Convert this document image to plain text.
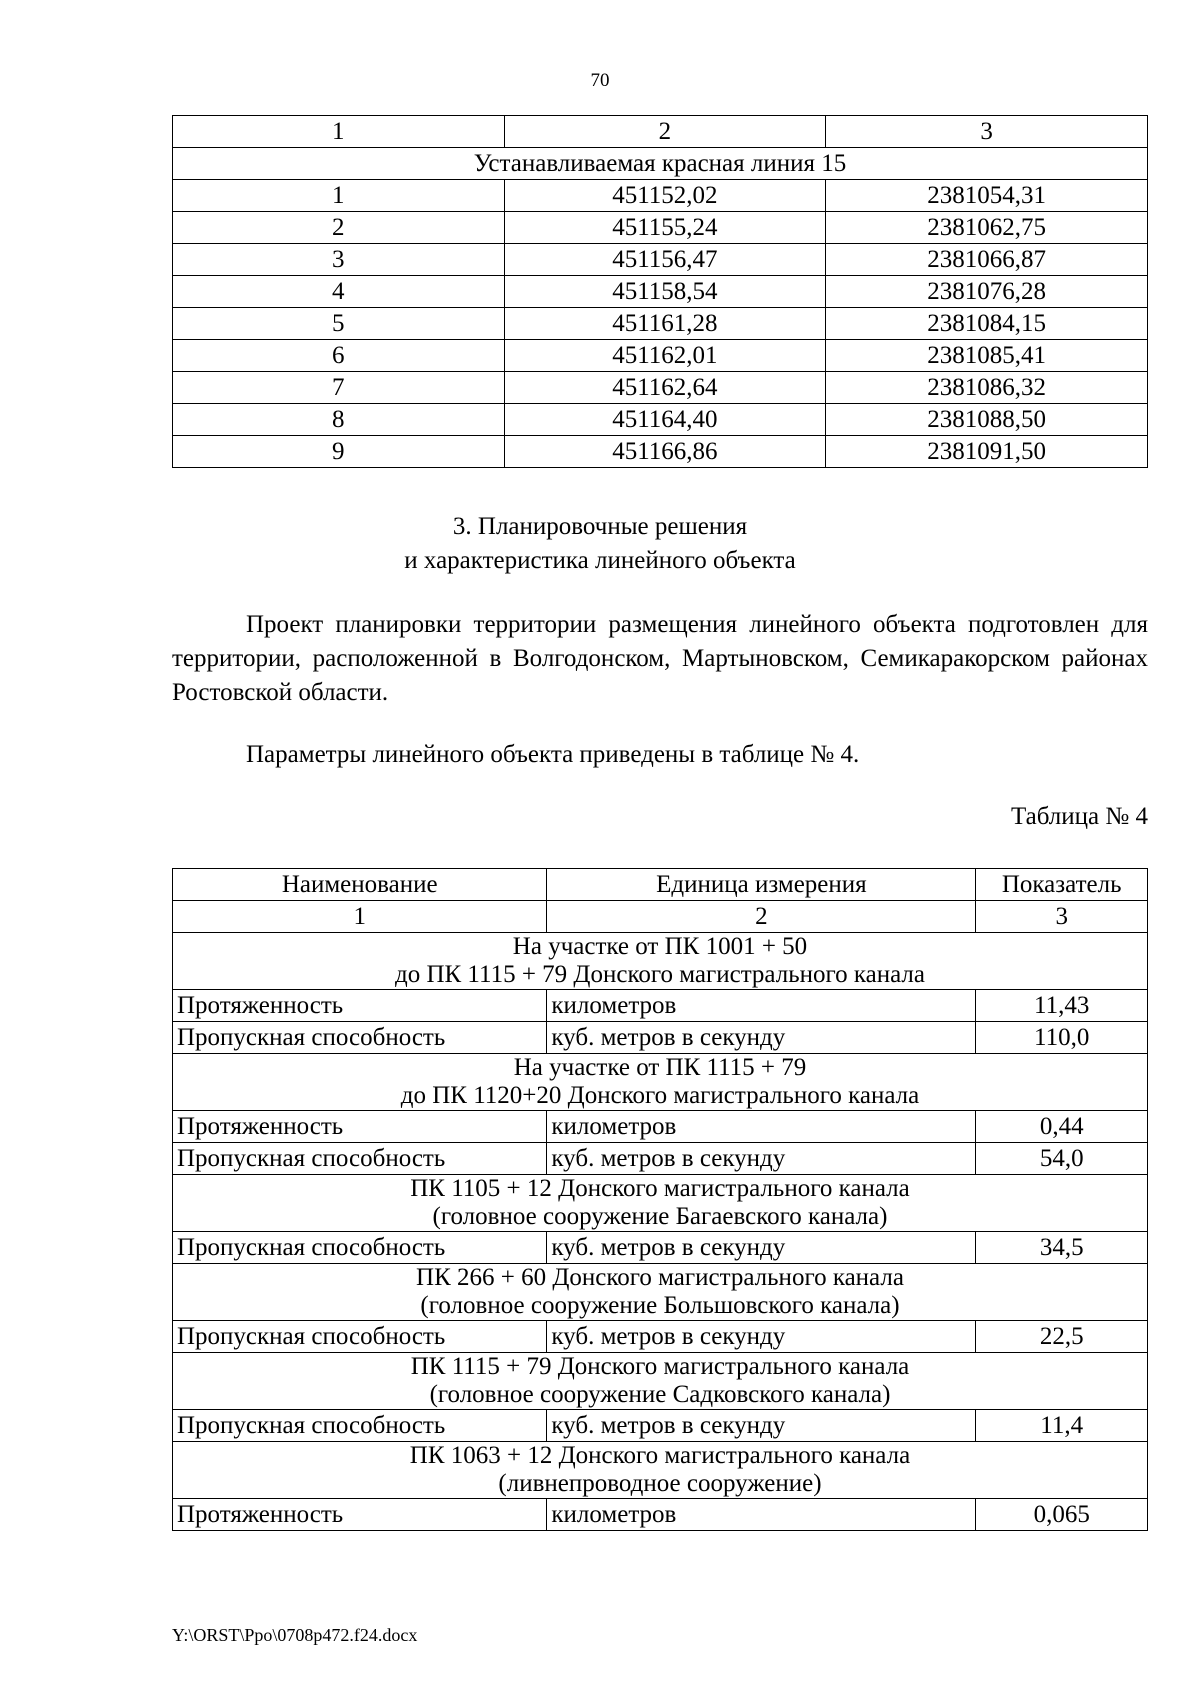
70
1	2	3
Устанавливаемая красная линия 15		
1	451152,02	2381054,31
2	451155,24	2381062,75
3	451156,47	2381066,87
4	451158,54	2381076,28
5	451161,28	2381084,15
6	451162,01	2381085,41
7	451162,64	2381086,32
8	451164,40	2381088,50
9	451166,86	2381091,50
3. Планировочные решения
и характеристика линейного объекта
Проект планировки территории размещения линейного объекта подготовлен для территории, расположенной в Волгодонском, Мартыновском, Семикаракорском районах Ростовской области.
Параметры линейного объекта приведены в таблице № 4.
Таблица № 4
Наименование	Единица измерения	Показатель
1	2	3

На участке от ПК 1001 + 50
до ПК 1115 + 79 Донского магистрального канала		

Протяженность	километров	11,43
Пропускная способность	куб. метров в секунду	110,0

На участке от ПК 1115 + 79
до ПК 1120+20 Донского магистрального канала		

Протяженность	километров	0,44
Пропускная способность	куб. метров в секунду	54,0

ПК 1105 + 12 Донского магистрального канала
(головное сооружение Багаевского канала)		

Пропускная способность	куб. метров в секунду	34,5

ПК 266 + 60 Донского магистрального канала
(головное сооружение Большовского канала)		

Пропускная способность	куб. метров в секунду	22,5

ПК 1115 + 79 Донского магистрального канала
(головное сооружение Садковского канала)		

Пропускная способность	куб. метров в секунду	11,4

ПК 1063 + 12 Донского магистрального канала
(ливнепроводное сооружение)		

Протяженность	километров	0,065
Y:\ORST\Ppo\0708p472.f24.docx
